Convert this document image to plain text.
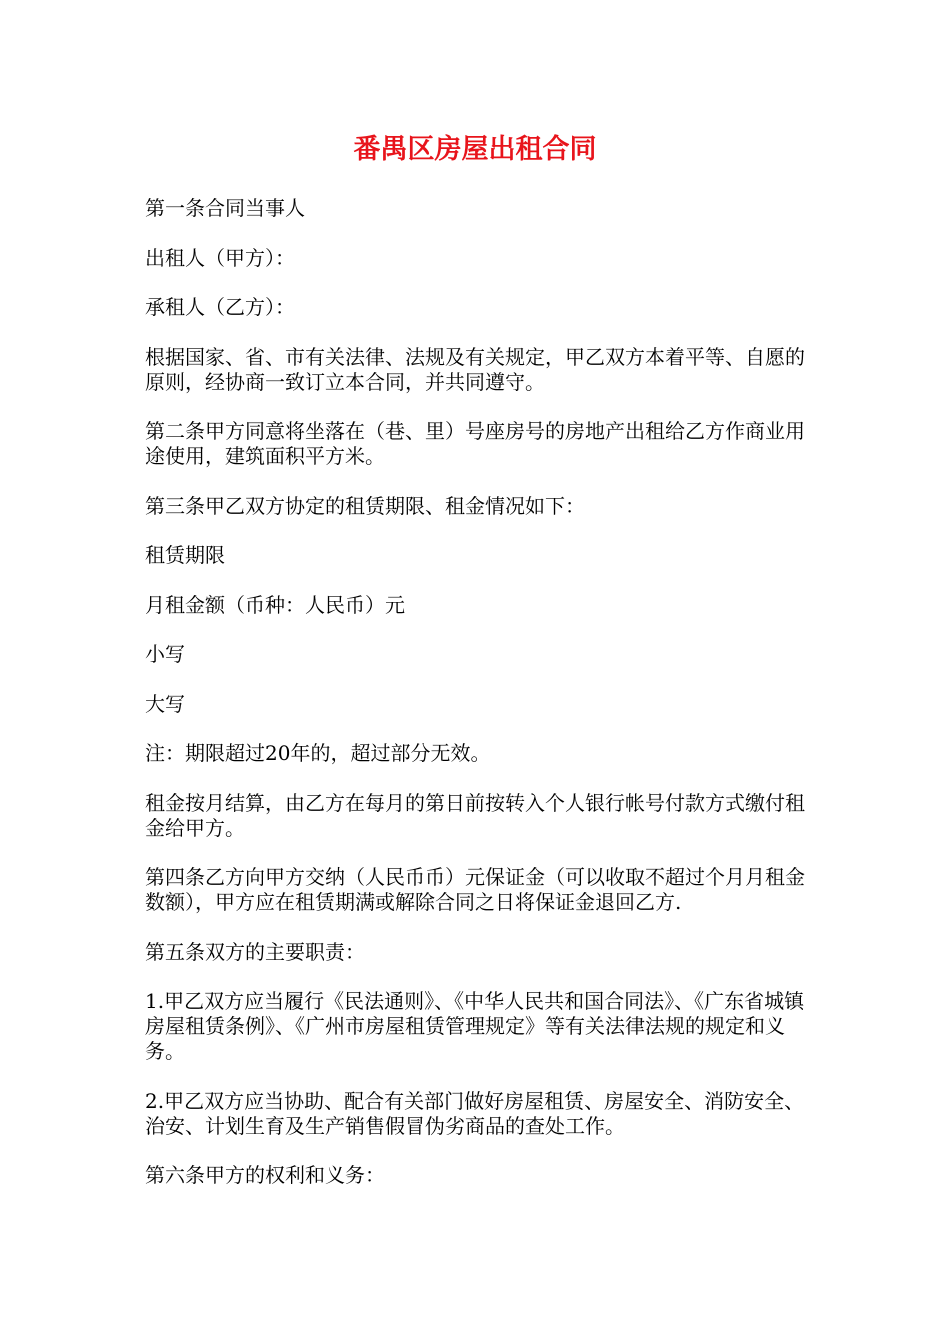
番禺区房屋出租合同

第一条合同当事人

出租人（甲方）：

承租人（乙方）：

根据国家、省、市有关法律、法规及有关规定，甲乙双方本着平等、自愿的原则，经协商一致订立本合同，并共同遵守。

第二条甲方同意将坐落在（巷、里）号座房号的房地产出租给乙方作商业用途使用，建筑面积平方米。

第三条甲乙双方协定的租赁期限、租金情况如下：

租赁期限

月租金额（币种：人民币）元

小写

大写

注：期限超过20年的，超过部分无效。

租金按月结算，由乙方在每月的第日前按转入个人银行帐号付款方式缴付租金给甲方。

第四条乙方向甲方交纳（人民币币）元保证金（可以收取不超过个月月租金数额），甲方应在租赁期满或解除合同之日将保证金退回乙方.

第五条双方的主要职责：

1.甲乙双方应当履行《民法通则》、《中华人民共和国合同法》、《广东省城镇房屋租赁条例》、《广州市房屋租赁管理规定》等有关法律法规的规定和义务。

2.甲乙双方应当协助、配合有关部门做好房屋租赁、房屋安全、消防安全、治安、计划生育及生产销售假冒伪劣商品的查处工作。

第六条甲方的权利和义务：
